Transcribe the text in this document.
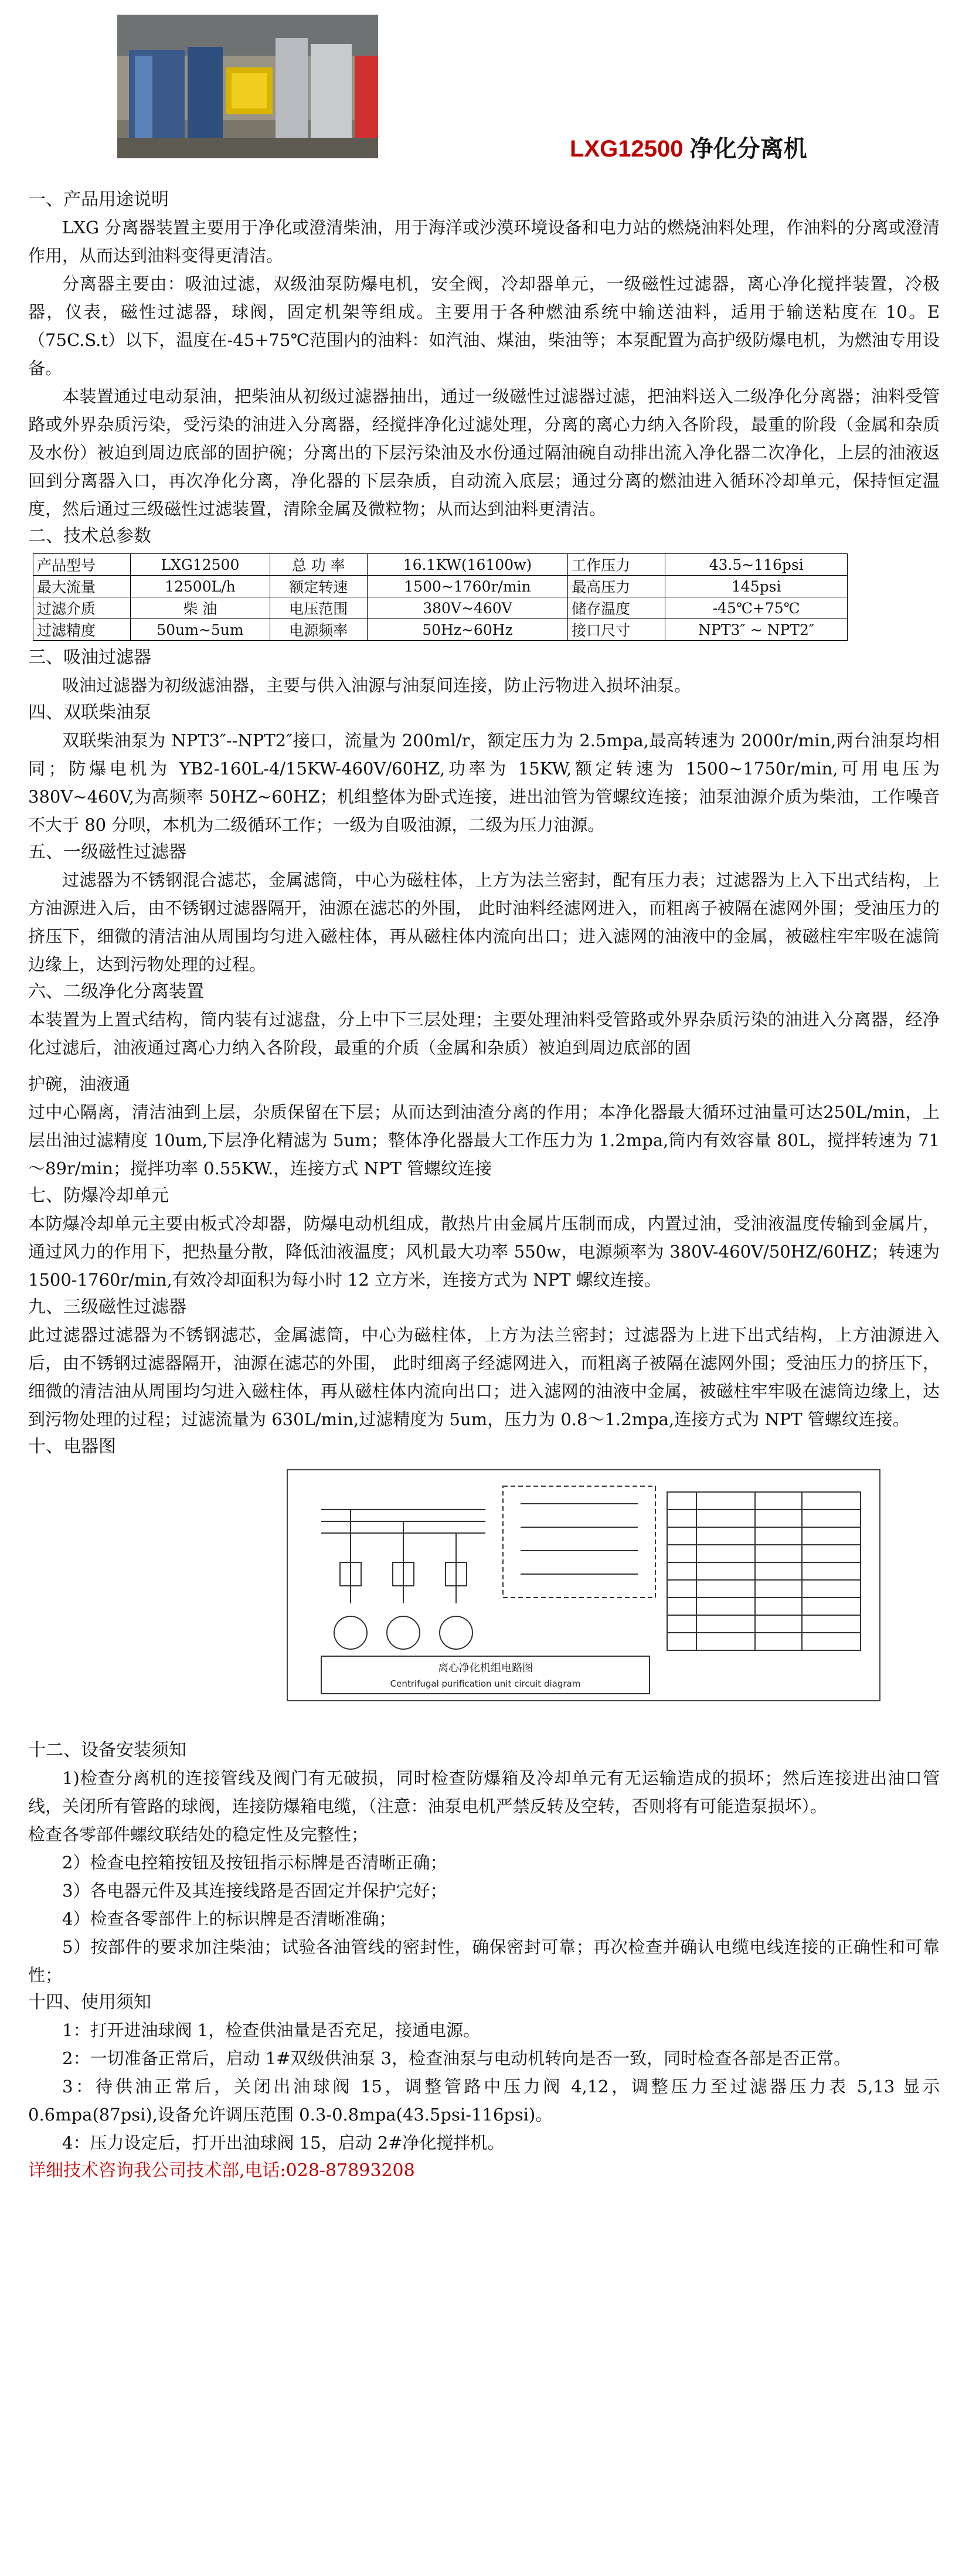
LXG12500 净化分离机

一、产品用途说明

LXG 分离器装置主要用于净化或澄清柴油，用于海洋或沙漠环境设备和电力站的燃烧油料处理，作油料的分离或澄清作用，从而达到油料变得更清洁。

分离器主要由：吸油过滤，双级油泵防爆电机，安全阀，冷却器单元，一级磁性过滤器，离心净化搅拌装置，冷极器，仪表，磁性过滤器，球阀，固定机架等组成。主要用于各种燃油系统中输送油料，适用于输送粘度在 10。E（75C.S.t）以下，温度在-45+75℃范围内的油料：如汽油、煤油，柴油等；本泵配置为高护级防爆电机，为燃油专用设备。

本装置通过电动泵油，把柴油从初级过滤器抽出，通过一级磁性过滤器过滤，把油料送入二级净化分离器；油料受管路或外界杂质污染，受污染的油进入分离器，经搅拌净化过滤处理，分离的离心力纳入各阶段，最重的阶段（金属和杂质及水份）被迫到周边底部的固护碗；分离出的下层污染油及水份通过隔油碗自动排出流入净化器二次净化，上层的油液返回到分离器入口，再次净化分离，净化器的下层杂质，自动流入底层；通过分离的燃油进入循环冷却单元，保持恒定温度，然后通过三级磁性过滤装置，清除金属及微粒物；从而达到油料更清洁。

二、技术总参数

产品型号	LXG12500	总 功 率	16.1KW(16100w)	工作压力	43.5~116psi
最大流量	12500L/h	额定转速	1500~1760r/min	最高压力	145psi
过滤介质	柴 油	电压范围	380V~460V	储存温度	-45℃+75℃
过滤精度	50um~5um	电源频率	50Hz~60Hz	接口尺寸	NPT3″ ~ NPT2″

三、吸油过滤器

吸油过滤器为初级滤油器，主要与供入油源与油泵间连接，防止污物进入损坏油泵。

四、双联柴油泵

双联柴油泵为 NPT3″--NPT2″接口，流量为 200ml/r，额定压力为 2.5mpa,最高转速为 2000r/min,两台油泵均相同；防爆电机为 YB2-160L-4/15KW-460V/60HZ,功率为 15KW,额定转速为 1500~1750r/min,可用电压为380V~460V,为高频率 50HZ~60HZ；机组整体为卧式连接，进出油管为管螺纹连接；油泵油源介质为柴油，工作噪音不大于 80 分呗，本机为二级循环工作；一级为自吸油源，二级为压力油源。

五、一级磁性过滤器

过滤器为不锈钢混合滤芯，金属滤筒，中心为磁柱体，上方为法兰密封，配有压力表；过滤器为上入下出式结构，上方油源进入后，由不锈钢过滤器隔开，油源在滤芯的外围， 此时油料经滤网进入，而粗离子被隔在滤网外围；受油压力的挤压下，细微的清洁油从周围均匀进入磁柱体，再从磁柱体内流向出口；进入滤网的油液中的金属，被磁柱牢牢吸在滤筒边缘上，达到污物处理的过程。

六、二级净化分离装置

本装置为上置式结构，筒内装有过滤盘，分上中下三层处理；主要处理油料受管路或外界杂质污染的油进入分离器，经净化过滤后，油液通过离心力纳入各阶段，最重的介质（金属和杂质）被迫到周边底部的固

护碗，油液通

过中心隔离，清洁油到上层，杂质保留在下层；从而达到油渣分离的作用；本净化器最大循环过油量可达250L/min，上层出油过滤精度 10um,下层净化精滤为 5um；整体净化器最大工作压力为 1.2mpa,筒内有效容量 80L，搅拌转速为 71～89r/min；搅拌功率 0.55KW.，连接方式 NPT 管螺纹连接

七、防爆冷却单元

本防爆冷却单元主要由板式冷却器，防爆电动机组成，散热片由金属片压制而成，内置过油，受油液温度传输到金属片，通过风力的作用下，把热量分散，降低油液温度；风机最大功率 550w，电源频率为 380V-460V/50HZ/60HZ；转速为 1500-1760r/min,有效冷却面积为每小时 12 立方米，连接方式为 NPT 螺纹连接。

九、三级磁性过滤器

此过滤器过滤器为不锈钢滤芯，金属滤筒，中心为磁柱体，上方为法兰密封；过滤器为上进下出式结构，上方油源进入后，由不锈钢过滤器隔开，油源在滤芯的外围， 此时细离子经滤网进入，而粗离子被隔在滤网外围；受油压力的挤压下，细微的清洁油从周围均匀进入磁柱体，再从磁柱体内流向出口；进入滤网的油液中金属，被磁柱牢牢吸在滤筒边缘上，达到污物处理的过程；过滤流量为 630L/min,过滤精度为 5um，压力为 0.8～1.2mpa,连接方式为 NPT 管螺纹连接。

十、电器图

离心净化机组电路图
Centrifugal purification unit circuit diagram

十二、设备安装须知

1)检查分离机的连接管线及阀门有无破损，同时检查防爆箱及冷却单元有无运输造成的损坏；然后连接进出油口管线，关闭所有管路的球阀，连接防爆箱电缆，（注意：油泵电机严禁反转及空转，否则将有可能造泵损坏）。

检查各零部件螺纹联结处的稳定性及完整性；

2）检查电控箱按钮及按钮指示标牌是否清晰正确；

3）各电器元件及其连接线路是否固定并保护完好；

4）检查各零部件上的标识牌是否清晰准确；

5）按部件的要求加注柴油；试验各油管线的密封性，确保密封可靠；再次检查并确认电缆电线连接的正确性和可靠性；

十四、使用须知

1：打开进油球阀 1，检查供油量是否充足，接通电源。

2：一切准备正常后，启动 1#双级供油泵 3，检查油泵与电动机转向是否一致，同时检查各部是否正常。

3：待供油正常后，关闭出油球阀 15，调整管路中压力阀 4,12，调整压力至过滤器压力表 5,13 显示0.6mpa(87psi),设备允许调压范围 0.3-0.8mpa(43.5psi-116psi)。

4：压力设定后，打开出油球阀 15，启动 2#净化搅拌机。

详细技术咨询我公司技术部,电话:028-87893208
